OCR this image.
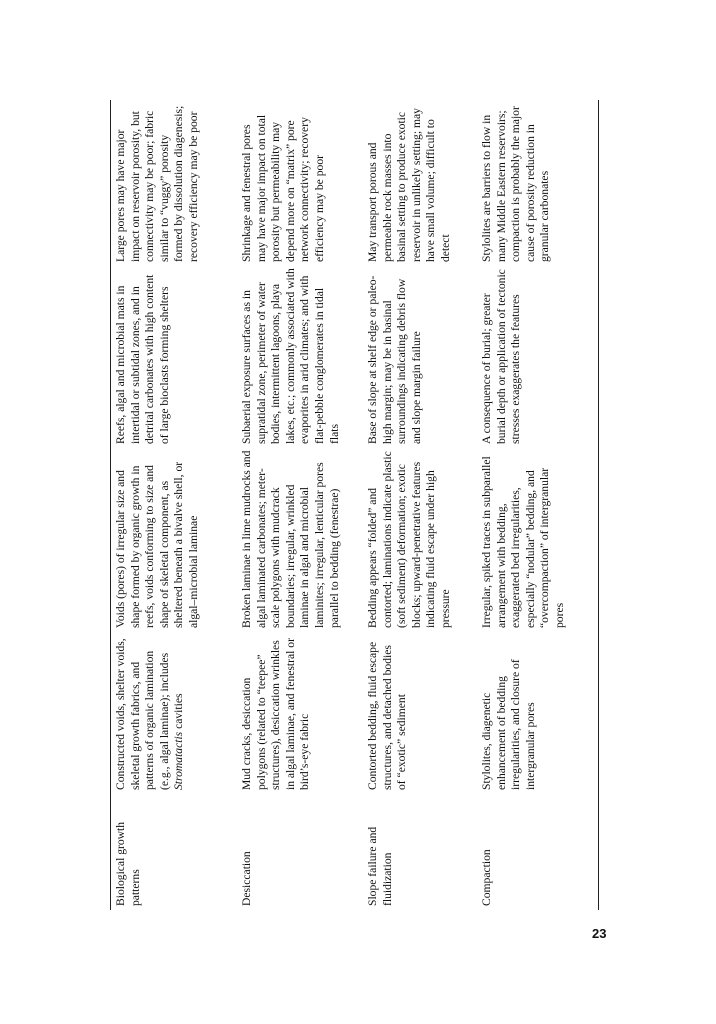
Biological growth patterns
Constructed voids, shelter voids, skeletal growth fabrics, and patterns of organic lamination (e.g., algal laminae); includes Stromatactis cavities
Voids (pores) of irregular size and shape formed by organic growth in reefs, voids conforming to size and shape of skeletal component, as sheltered beneath a bivalve shell, or algal–microbial laminae
Reefs, algal and microbial mats in intertidal or subtidal zones, and in detrital carbonates with high content of large bioclasts forming shelters
Large pores may have major impact on reservoir porosity, but connectivity may be poor; fabric similar to “vuggy” porosity formed by dissolution diagenesis; recovery efficiency may be poor
Desiccation
Mud cracks, desiccation polygons (related to “teepee” structures), desiccation wrinkles in algal laminae, and fenestral or bird’s-eye fabric
Broken laminae in lime mudrocks and algal laminated carbonates; meter-scale polygons with mudcrack boundaries; irregular, wrinkled laminae in algal and microbial laminites; irregular, lenticular pores parallel to bedding (fenestrae)
Subaerial exposure surfaces as in supratidal zone, perimeter of water bodies, intermittent lagoons, playa lakes, etc.; commonly associated with evaporites in arid climates; and with flat-pebble conglomerates in tidal flats
Shrinkage and fenestral pores may have major impact on total porosity but permeability may depend more on “matrix” pore network connectivity; recovery efficiency may be poor
Slope failure and fluidization
Contorted bedding, fluid escape structures, and detached bodies of “exotic” sediment
Bedding appears “folded” and contorted; laminations indicate plastic (soft sediment) deformation; exotic blocks; upward-penetrative features indicating fluid escape under high pressure
Base of slope at shelf edge or paleo-high margin; may be in basinal surroundings indicating debris flow and slope margin failure
May transport porous and permeable rock masses into basinal setting to produce exotic reservoir in unlikely setting; may have small volume; difficult to detect
Compaction
Stylolites, diagenetic enhancement of bedding irregularities, and closure of intergranular pores
Irregular, spiked traces in subparallel arrangement with bedding, exaggerated bed irregularities, especially “nodular” bedding, and “overcompaction” of intergranular pores
A consequence of burial; greater burial depth or application of tectonic stresses exaggerates the features
Stylolites are barriers to flow in many Middle Eastern reservoirs; compaction is probably the major cause of porosity reduction in granular carbonates
23
